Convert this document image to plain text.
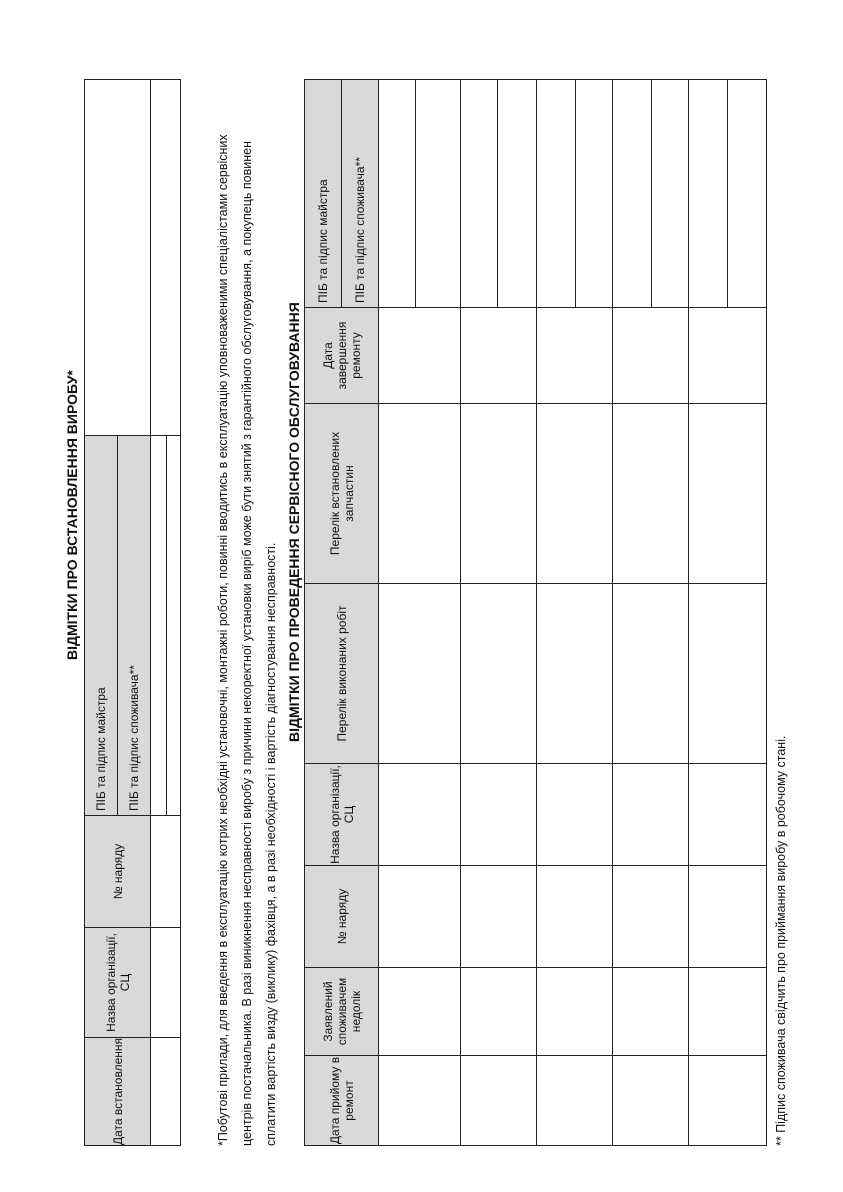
ВІДМІТКИ ПРО ВСТАНОВЛЕННЯ ВИРОБУ*
Дата встановлення	Назва організації, СЦ	№ наряду	ПІБ та підпис майстра ПІБ та підпис споживача**	

		*Побутові прилади, для введення в експлуатацію котрих необхідні установочні, монтажні роботи, повинні вводитись в експлуатацію уповноваженими спеціалістами сервісних центрів постачальника. В разі виникнення несправності виробу з причини некоректної установки виріб може бути знятий з гарантійного обслуговування, а покупець повинен сплатити вартість визду (виклику) фахівця, а в разі необхідності і вартість діагностування несправності.
ВІДМІТКИ ПРО ПРОВЕДЕННЯ СЕРВІСНОГО ОБСЛУГОВУВАННЯ
Дата прийому в ремонт	Заявлений споживачем недолік	№ наряду	Назва організації, СЦ	Перелік виконаних робіт	Перелік встановлених запчастин	Дата завершення ремонту	ПІБ та підпис майстра ПІБ та підпис споживача**

** Підпис споживача свідчить про приймання виробу в робочому стані.
